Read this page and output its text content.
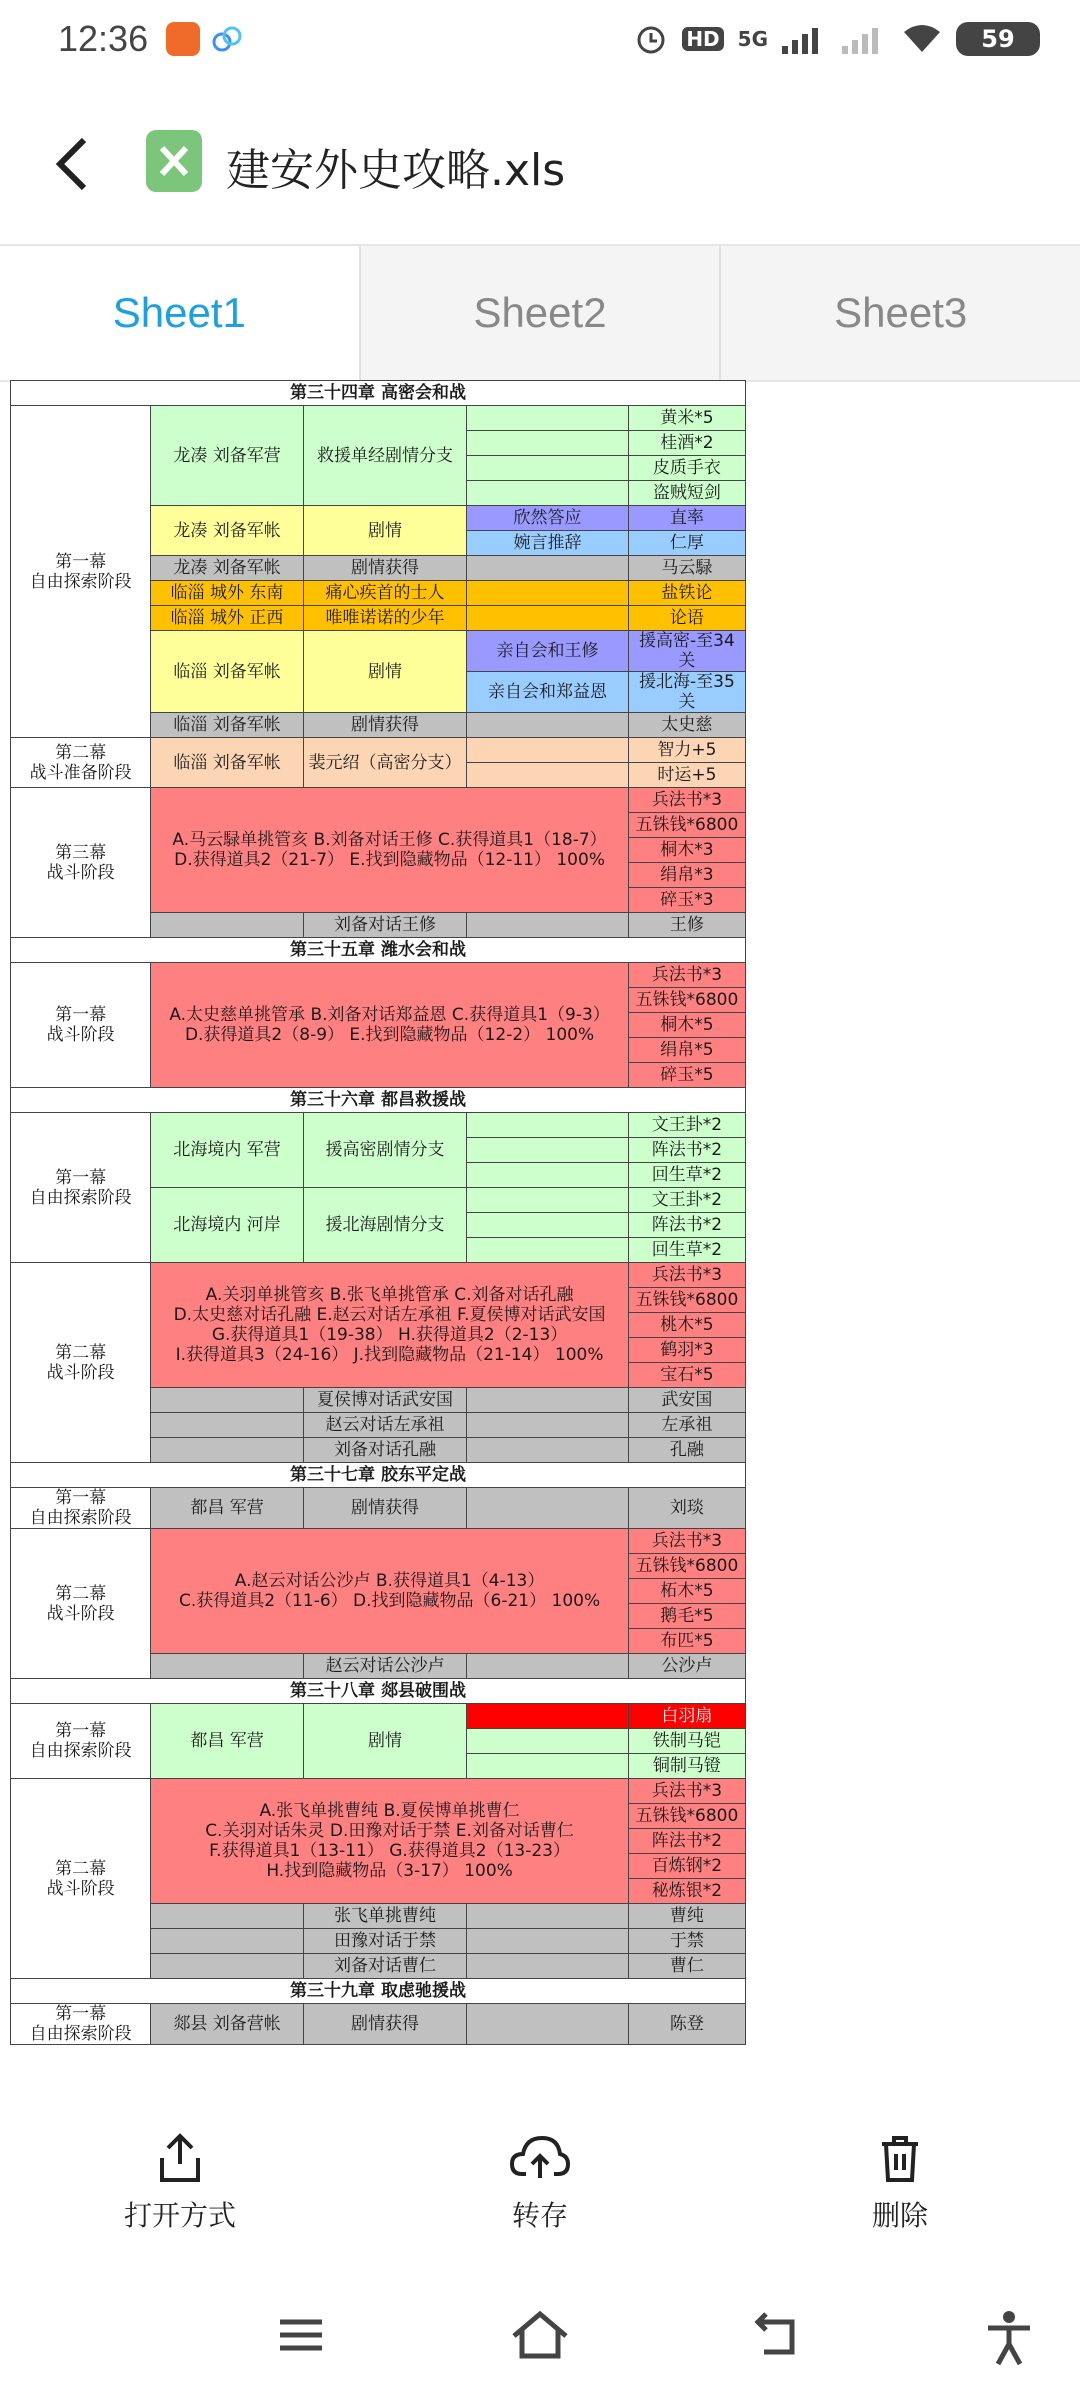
12:36	HD 5G	59
建安外史攻略.xls
Sheet1	Sheet2	Sheet3
第三十四章 高密会和战				
第一幕
自由探索阶段	龙凑 刘备军营	救援单经剧情分支		黄米*5
				桂酒*2
				皮质手衣
				盗贼短剑
	龙凑 刘备军帐	剧情	欣然答应	直率
			婉言推辞	仁厚
	龙凑 刘备军帐	剧情获得		马云騄
	临淄 城外 东南	痛心疾首的士人		盐铁论
	临淄 城外 正西	唯唯诺诺的少年		论语
	临淄 刘备军帐	剧情	亲自会和王修	援高密-至34关

			亲自会和郑益恩	援北海-至35关

	临淄 刘备军帐	剧情获得		太史慈
第二幕
战斗准备阶段	临淄 刘备军帐	裴元绍（高密分支）		智力+5
				时运+5
第三幕
战斗阶段	A.马云騄单挑管亥 B.刘备对话王修 C.获得道具1（18-7）
D.获得道具2（21-7） E.找到隐藏物品（12-11） 100%			兵法书*3
				五铢钱*6800
				桐木*3
				绢帛*3
				碎玉*3
		刘备对话王修		王修
第三十五章 潍水会和战				
第一幕
战斗阶段	A.太史慈单挑管承 B.刘备对话郑益恩 C.获得道具1（9-3）
D.获得道具2（8-9） E.找到隐藏物品（12-2） 100%			兵法书*3
				五铢钱*6800
				桐木*5
				绢帛*5
				碎玉*5
第三十六章 都昌救援战				
第一幕
自由探索阶段	北海境内 军营	援高密剧情分支		文王卦*2
				阵法书*2
				回生草*2
	北海境内 河岸	援北海剧情分支		文王卦*2
				阵法书*2
				回生草*2
第二幕
战斗阶段	A.关羽单挑管亥 B.张飞单挑管承 C.刘备对话孔融
D.太史慈对话孔融 E.赵云对话左承祖 F.夏侯博对话武安国
G.获得道具1（19-38） H.获得道具2（2-13）
I.获得道具3（24-16） J.找到隐藏物品（21-14） 100%			兵法书*3
				五铢钱*6800
				桃木*5
				鹤羽*3
				宝石*5
		夏侯博对话武安国		武安国
		赵云对话左承祖		左承祖
		刘备对话孔融		孔融
第三十七章 胶东平定战				
第一幕
自由探索阶段	都昌 军营	剧情获得		刘琰

第二幕
战斗阶段	A.赵云对话公沙卢 B.获得道具1（4-13）
C.获得道具2（11-6） D.找到隐藏物品（6-21） 100%			兵法书*3
				五铢钱*6800
				柘木*5
				鹅毛*5
				布匹*5
		赵云对话公沙卢		公沙卢
第三十八章 郯县破围战				
第一幕
自由探索阶段	都昌 军营	剧情		白羽扇
				铁制马铠
				铜制马镫
第二幕
战斗阶段	A.张飞单挑曹纯 B.夏侯博单挑曹仁
C.关羽对话朱灵 D.田豫对话于禁 E.刘备对话曹仁
F.获得道具1（13-11） G.获得道具2（13-23）
H.找到隐藏物品（3-17） 100%			兵法书*3
				五铢钱*6800
				阵法书*2
				百炼钢*2
				秘炼银*2
		张飞单挑曹纯		曹纯
		田豫对话于禁		于禁
		刘备对话曹仁		曹仁
第三十九章 取虑驰援战				
第一幕
自由探索阶段	郯县 刘备营帐	剧情获得		陈登

打开方式	转存	删除
